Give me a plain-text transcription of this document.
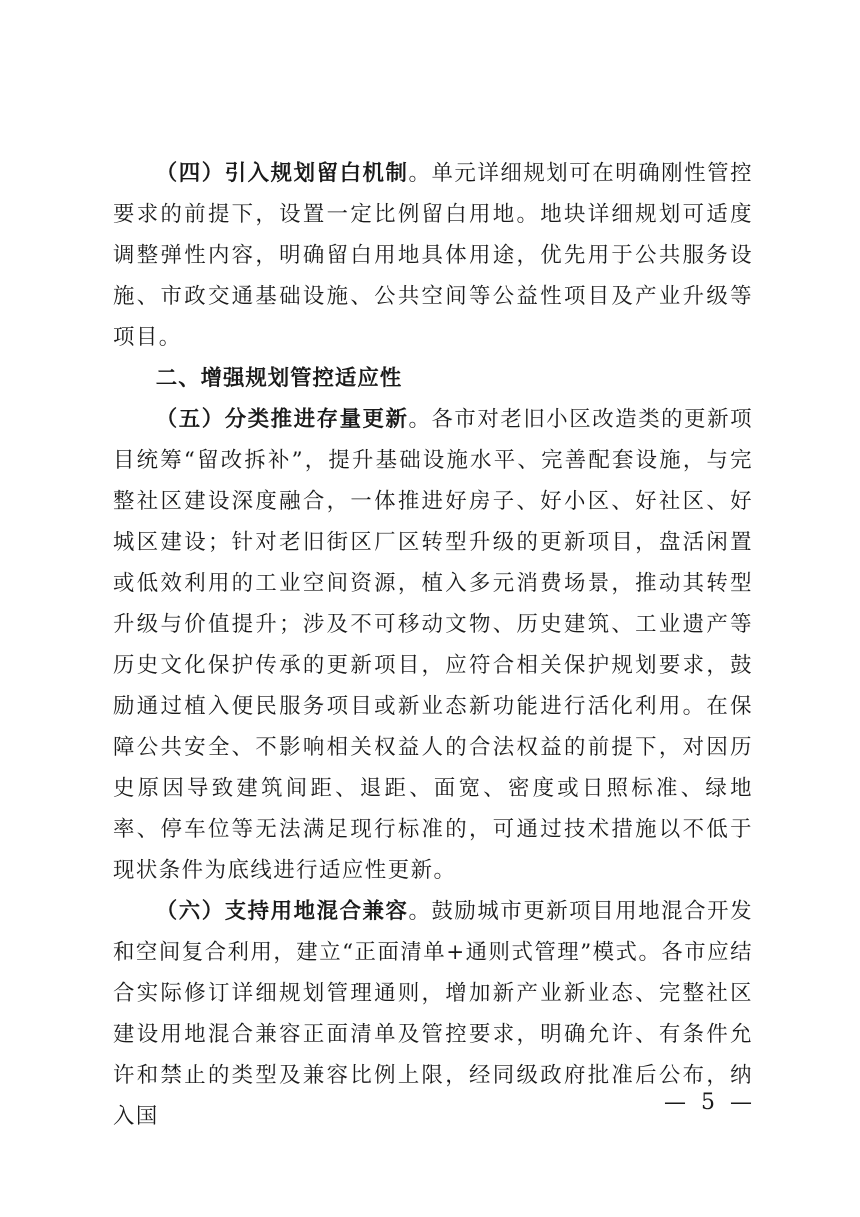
（四）引入规划留白机制。单元详细规划可在明确刚性管控要求的前提下，设置一定比例留白用地。地块详细规划可适度调整弹性内容，明确留白用地具体用途，优先用于公共服务设施、市政交通基础设施、公共空间等公益性项目及产业升级等项目。

二、增强规划管控适应性

（五）分类推进存量更新。各市对老旧小区改造类的更新项目统筹“留改拆补”，提升基础设施水平、完善配套设施，与完整社区建设深度融合，一体推进好房子、好小区、好社区、好城区建设；针对老旧街区厂区转型升级的更新项目，盘活闲置或低效利用的工业空间资源，植入多元消费场景，推动其转型升级与价值提升；涉及不可移动文物、历史建筑、工业遗产等历史文化保护传承的更新项目，应符合相关保护规划要求，鼓励通过植入便民服务项目或新业态新功能进行活化利用。在保障公共安全、不影响相关权益人的合法权益的前提下，对因历史原因导致建筑间距、退距、面宽、密度或日照标准、绿地率、停车位等无法满足现行标准的，可通过技术措施以不低于现状条件为底线进行适应性更新。

（六）支持用地混合兼容。鼓励城市更新项目用地混合开发和空间复合利用，建立“正面清单+通则式管理”模式。各市应结合实际修订详细规划管理通则，增加新产业新业态、完整社区建设用地混合兼容正面清单及管控要求，明确允许、有条件允许和禁止的类型及兼容比例上限，经同级政府批准后公布，纳入国

— 5 —
